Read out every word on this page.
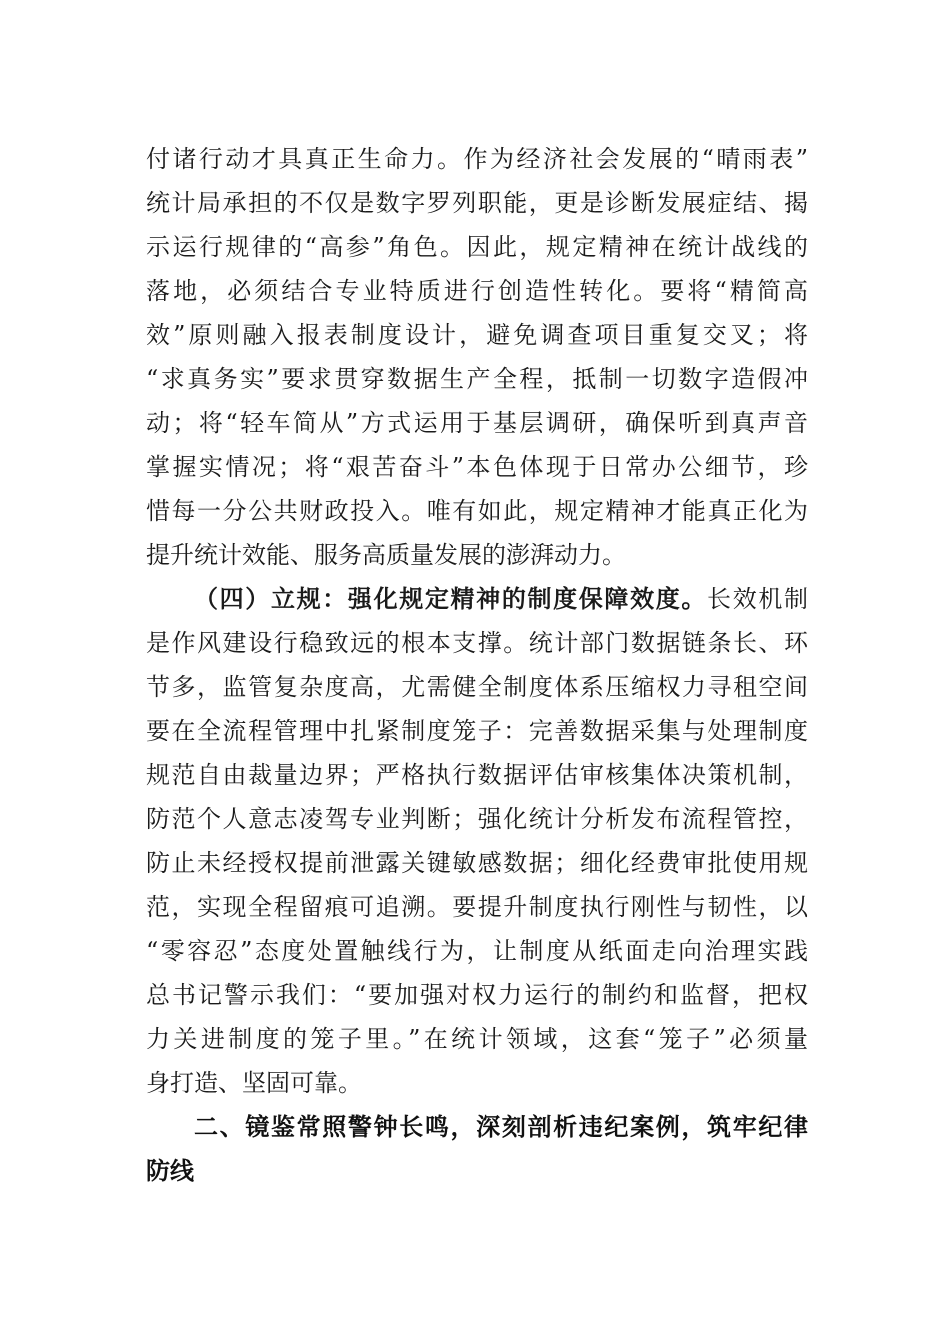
付诸行动才具真正生命力。作为经济社会发展的“晴雨表”
统计局承担的不仅是数字罗列职能，更是诊断发展症结、揭
示运行规律的“高参”角色。因此，规定精神在统计战线的
落地，必须结合专业特质进行创造性转化。要将“精简高
效”原则融入报表制度设计，避免调查项目重复交叉；将
“求真务实”要求贯穿数据生产全程，抵制一切数字造假冲
动；将“轻车简从”方式运用于基层调研，确保听到真声音
掌握实情况；将“艰苦奋斗”本色体现于日常办公细节，珍
惜每一分公共财政投入。唯有如此，规定精神才能真正化为
提升统计效能、服务高质量发展的澎湃动力。
（四）立规：强化规定精神的制度保障效度。长效机制
是作风建设行稳致远的根本支撑。统计部门数据链条长、环
节多，监管复杂度高，尤需健全制度体系压缩权力寻租空间
要在全流程管理中扎紧制度笼子：完善数据采集与处理制度
规范自由裁量边界；严格执行数据评估审核集体决策机制，
防范个人意志凌驾专业判断；强化统计分析发布流程管控，
防止未经授权提前泄露关键敏感数据；细化经费审批使用规
范，实现全程留痕可追溯。要提升制度执行刚性与韧性，以
“零容忍”态度处置触线行为，让制度从纸面走向治理实践
总书记警示我们：“要加强对权力运行的制约和监督，把权
力关进制度的笼子里。”在统计领域，这套“笼子”必须量
身打造、坚固可靠。
二、镜鉴常照警钟长鸣，深刻剖析违纪案例，筑牢纪律
防线
